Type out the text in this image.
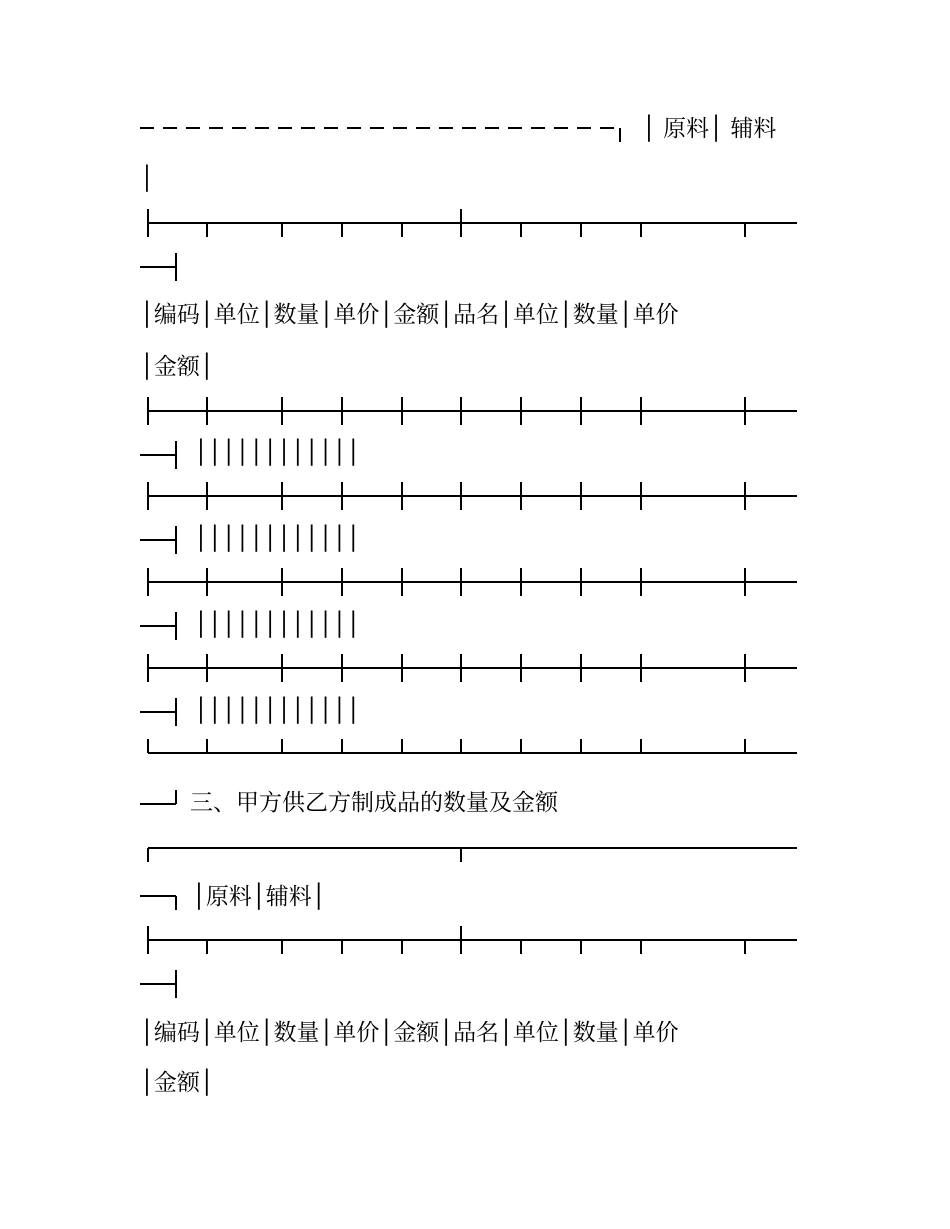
│ 原料│ 辅料
│
│编码│单位│数量│单价│金额│品名│单位│数量│单价
│金额│
││││││││││││
││││││││││││
││││││││││││
││││││││││││
三、甲方供乙方制成品的数量及金额
│原料│辅料│
│编码│单位│数量│单价│金额│品名│单位│数量│单价
│金额│
